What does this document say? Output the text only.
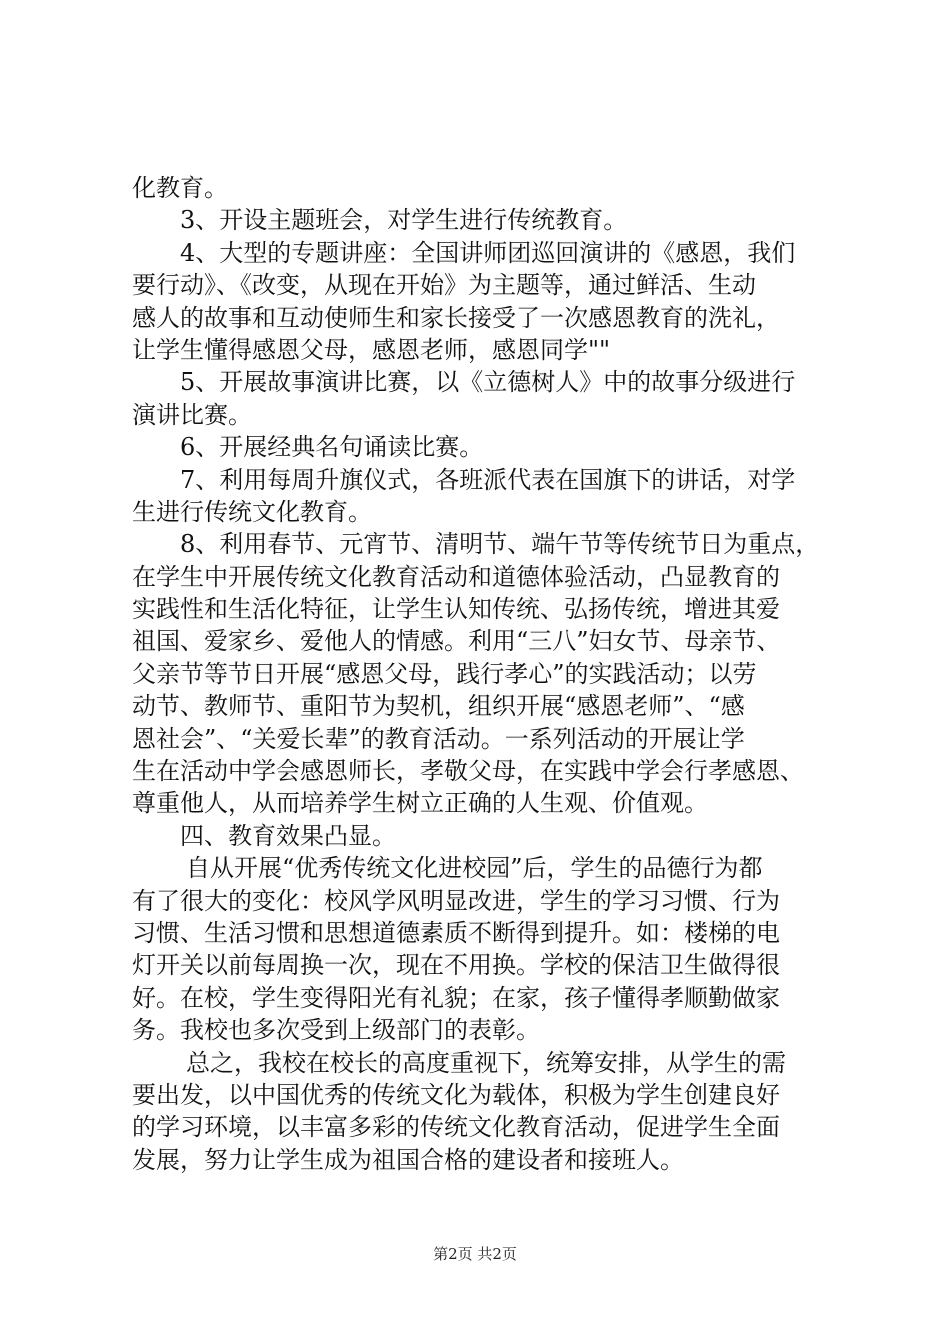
化教育。
3、开设主题班会，对学生进行传统教育。
4、大型的专题讲座：全国讲师团巡回演讲的《感恩，我们
要行动》、《改变，从现在开始》为主题等，通过鲜活、生动
感人的故事和互动使师生和家长接受了一次感恩教育的洗礼，
让学生懂得感恩父母，感恩老师，感恩同学""
5、开展故事演讲比赛，以《立德树人》中的故事分级进行
演讲比赛。
6、开展经典名句诵读比赛。
7、利用每周升旗仪式，各班派代表在国旗下的讲话，对学
生进行传统文化教育。
8、利用春节、元宵节、清明节、端午节等传统节日为重点，
在学生中开展传统文化教育活动和道德体验活动，凸显教育的
实践性和生活化特征，让学生认知传统、弘扬传统，增进其爱
祖国、爱家乡、爱他人的情感。利用“三八”妇女节、母亲节、
父亲节等节日开展“感恩父母，践行孝心”的实践活动；以劳
动节、教师节、重阳节为契机，组织开展“感恩老师”、“感
恩社会”、“关爱长辈”的教育活动。一系列活动的开展让学
生在活动中学会感恩师长，孝敬父母，在实践中学会行孝感恩、
尊重他人，从而培养学生树立正确的人生观、价值观。
四、教育效果凸显。
自从开展“优秀传统文化进校园”后，学生的品德行为都
有了很大的变化：校风学风明显改进，学生的学习习惯、行为
习惯、生活习惯和思想道德素质不断得到提升。如：楼梯的电
灯开关以前每周换一次，现在不用换。学校的保洁卫生做得很
好。在校，学生变得阳光有礼貌；在家，孩子懂得孝顺勤做家
务。我校也多次受到上级部门的表彰。
总之，我校在校长的高度重视下，统筹安排，从学生的需
要出发，以中国优秀的传统文化为载体，积极为学生创建良好
的学习环境，以丰富多彩的传统文化教育活动，促进学生全面
发展，努力让学生成为祖国合格的建设者和接班人。
第2页 共2页
